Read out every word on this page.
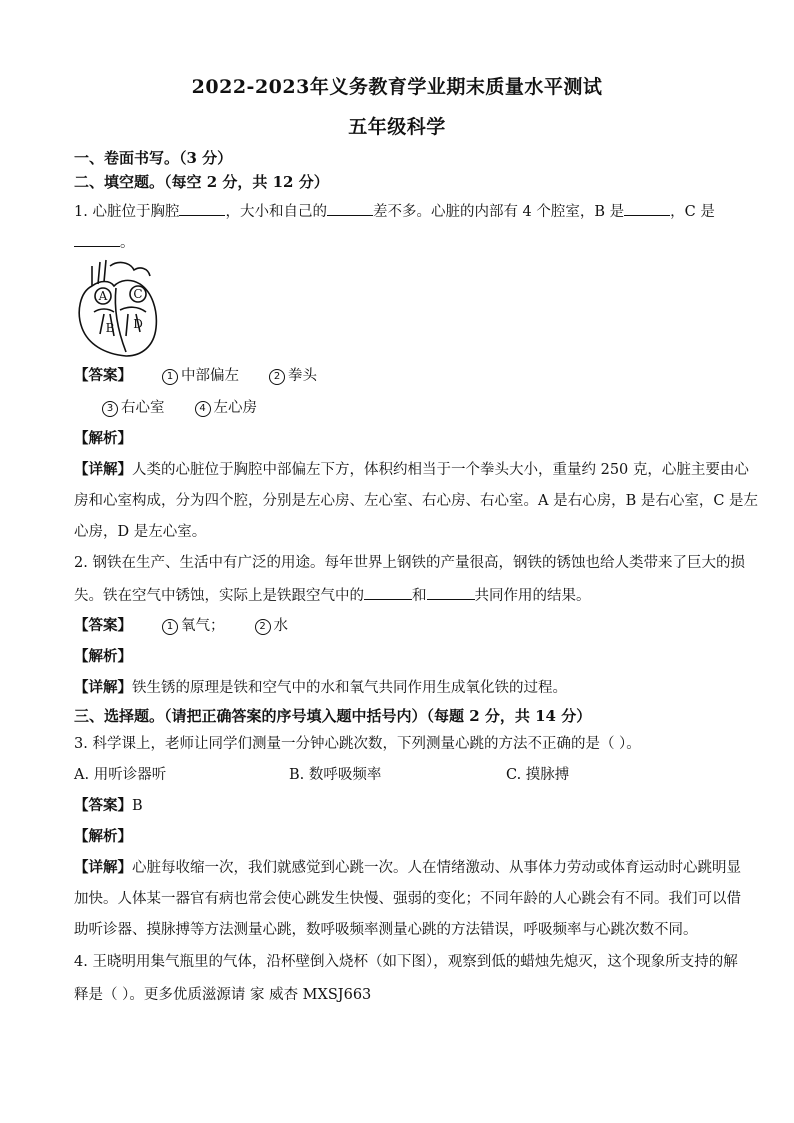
2022-2023年义务教育学业期末质量水平测试
五年级科学
一、卷面书写。（3 分）
二、填空题。（每空 2 分，共 12 分）
1. 心脏位于胸腔	，大小和自己的	差不多。心脏的内部有 4 个腔室，B 是	，C 是
。
A
B
C
D
【答案】	1 中部偏左	2 拳头
3 右心室	4 左心房
【解析】
【详解】人类的心脏位于胸腔中部偏左下方，体积约相当于一个拳头大小，重量约 250 克，心脏主要由心
房和心室构成，分为四个腔，分别是左心房、左心室、右心房、右心室。A 是右心房，B 是右心室，C 是左
心房，D 是左心室。
2. 钢铁在生产、生活中有广泛的用途。每年世界上钢铁的产量很高，钢铁的锈蚀也给人类带来了巨大的损
失。铁在空气中锈蚀，实际上是铁跟空气中的	和	共同作用的结果。
【答案】	1 氧气；	2 水
【解析】
【详解】铁生锈的原理是铁和空气中的水和氧气共同作用生成氧化铁的过程。
三、选择题。（请把正确答案的序号填入题中括号内）（每题 2 分，共 14 分）
3. 科学课上，老师让同学们测量一分钟心跳次数，下列测量心跳的方法不正确的是（ ）。
A. 用听诊器听	B. 数呼吸频率	C. 摸脉搏
【答案】B
【解析】
【详解】心脏每收缩一次，我们就感觉到心跳一次。人在情绪激动、从事体力劳动或体育运动时心跳明显
加快。人体某一器官有病也常会使心跳发生快慢、强弱的变化；不同年龄的人心跳会有不同。我们可以借
助听诊器、摸脉搏等方法测量心跳，数呼吸频率测量心跳的方法错误，呼吸频率与心跳次数不同。
4. 王晓明用集气瓶里的气体，沿杯壁倒入烧杯（如下图），观察到低的蜡烛先熄灭，这个现象所支持的解
释是（ ）。更多优质滋源请 家 威杏 MXSJ663
